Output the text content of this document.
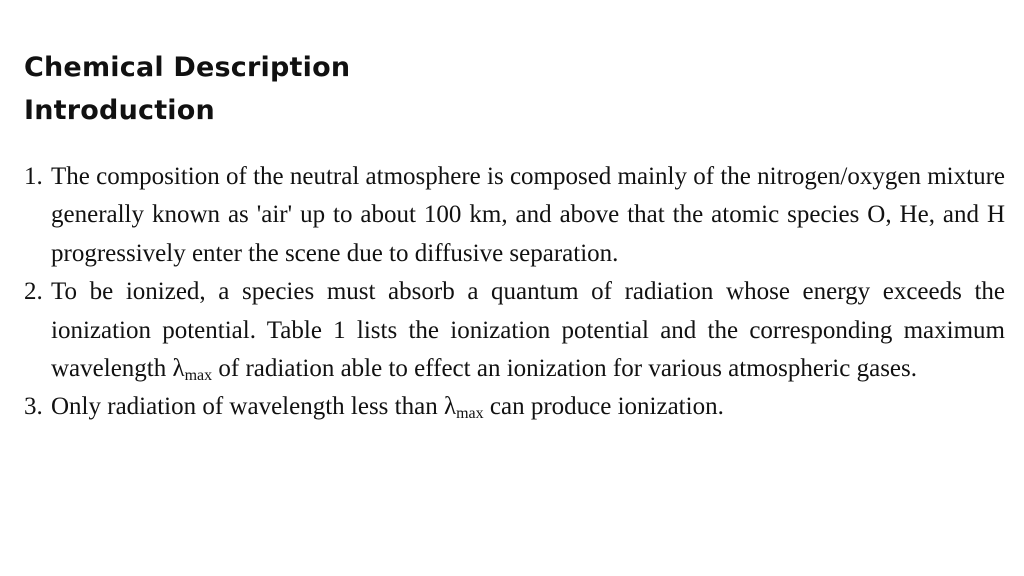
Chemical Description
Introduction
1. The composition of the neutral atmosphere is composed mainly of the nitrogen/oxygen mixture generally known as 'air' up to about 100 km, and above that the atomic species O, He, and H progressively enter the scene due to diffusive separation.
2. To be ionized, a species must absorb a quantum of radiation whose energy exceeds the ionization potential. Table 1 lists the ionization potential and the corresponding maximum wavelength $\lambda_{max}$ of radiation able to effect an ionization for various atmospheric gases.
3. Only radiation of wavelength less than $\lambda_{max}$ can produce ionization.
